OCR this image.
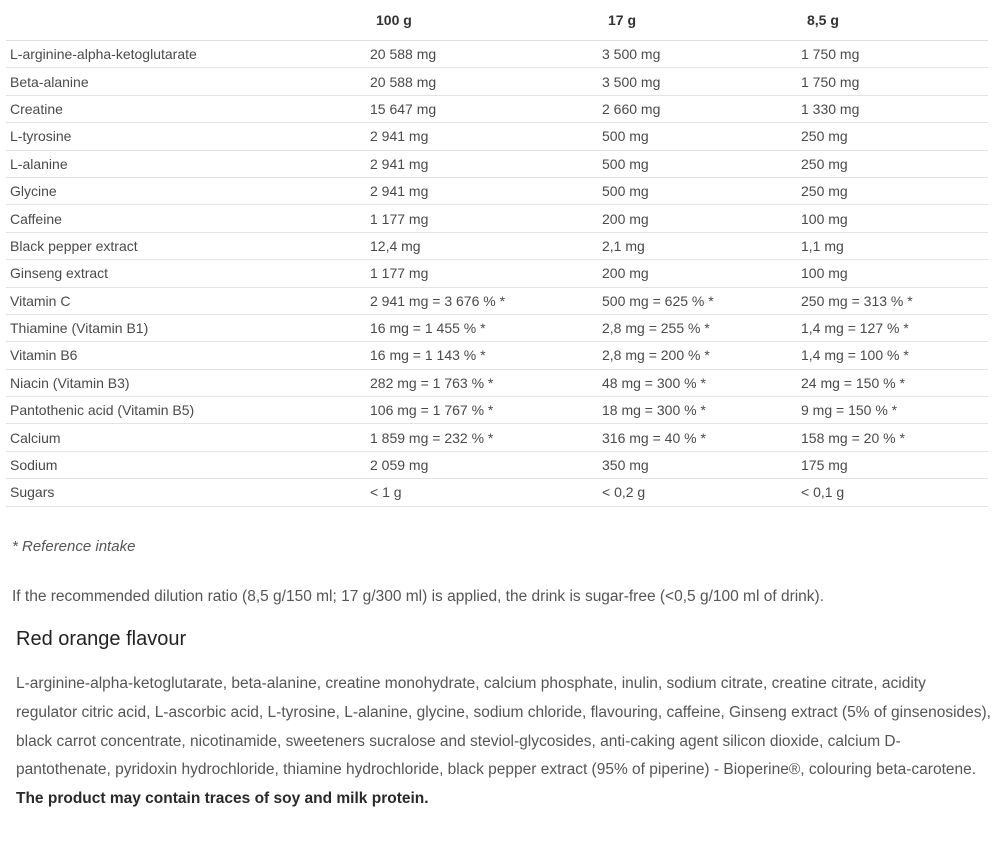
	100 g	17 g	8,5 g
L-arginine-alpha-ketoglutarate	20 588 mg	3 500 mg	1 750 mg
Beta-alanine	20 588 mg	3 500 mg	1 750 mg
Creatine	15 647 mg	2 660 mg	1 330 mg
L-tyrosine	2 941 mg	500 mg	250 mg
L-alanine	2 941 mg	500 mg	250 mg
Glycine	2 941 mg	500 mg	250 mg
Caffeine	1 177 mg	200 mg	100 mg
Black pepper extract	12,4 mg	2,1 mg	1,1 mg
Ginseng extract	1 177 mg	200 mg	100 mg
Vitamin C	2 941 mg = 3 676 % *	500 mg = 625 % *	250 mg = 313 % *
Thiamine (Vitamin B1)	16 mg = 1 455 % *	2,8 mg = 255 % *	1,4 mg = 127 % *
Vitamin B6	16 mg = 1 143 % *	2,8 mg = 200 % *	1,4 mg = 100 % *
Niacin (Vitamin B3)	282 mg = 1 763 % *	48 mg = 300 % *	24 mg = 150 % *
Pantothenic acid (Vitamin B5)	106 mg = 1 767 % *	18 mg = 300 % *	9 mg = 150 % *
Calcium	1 859 mg = 232 % *	316 mg = 40 % *	158 mg = 20 % *
Sodium	2 059 mg	350 mg	175 mg
Sugars	< 1 g	< 0,2 g	< 0,1 g
* Reference intake
If the recommended dilution ratio (8,5 g/150 ml; 17 g/300 ml) is applied, the drink is sugar-free (<0,5 g/100 ml of drink).
Red orange flavour

L-arginine-alpha-ketoglutarate, beta-alanine, creatine monohydrate, calcium phosphate, inulin, sodium citrate, creatine citrate, acidity regulator citric acid, L-ascorbic acid, L-tyrosine, L-alanine, glycine, sodium chloride, flavouring, caffeine, Ginseng extract (5% of ginsenosides), black carrot concentrate, nicotinamide, sweeteners sucralose and steviol-glycosides, anti-caking agent silicon dioxide, calcium D-pantothenate, pyridoxin hydrochloride, thiamine hydrochloride, black pepper extract (95% of piperine) - Bioperine®, colouring beta-carotene. The product may contain traces of soy and milk protein.
